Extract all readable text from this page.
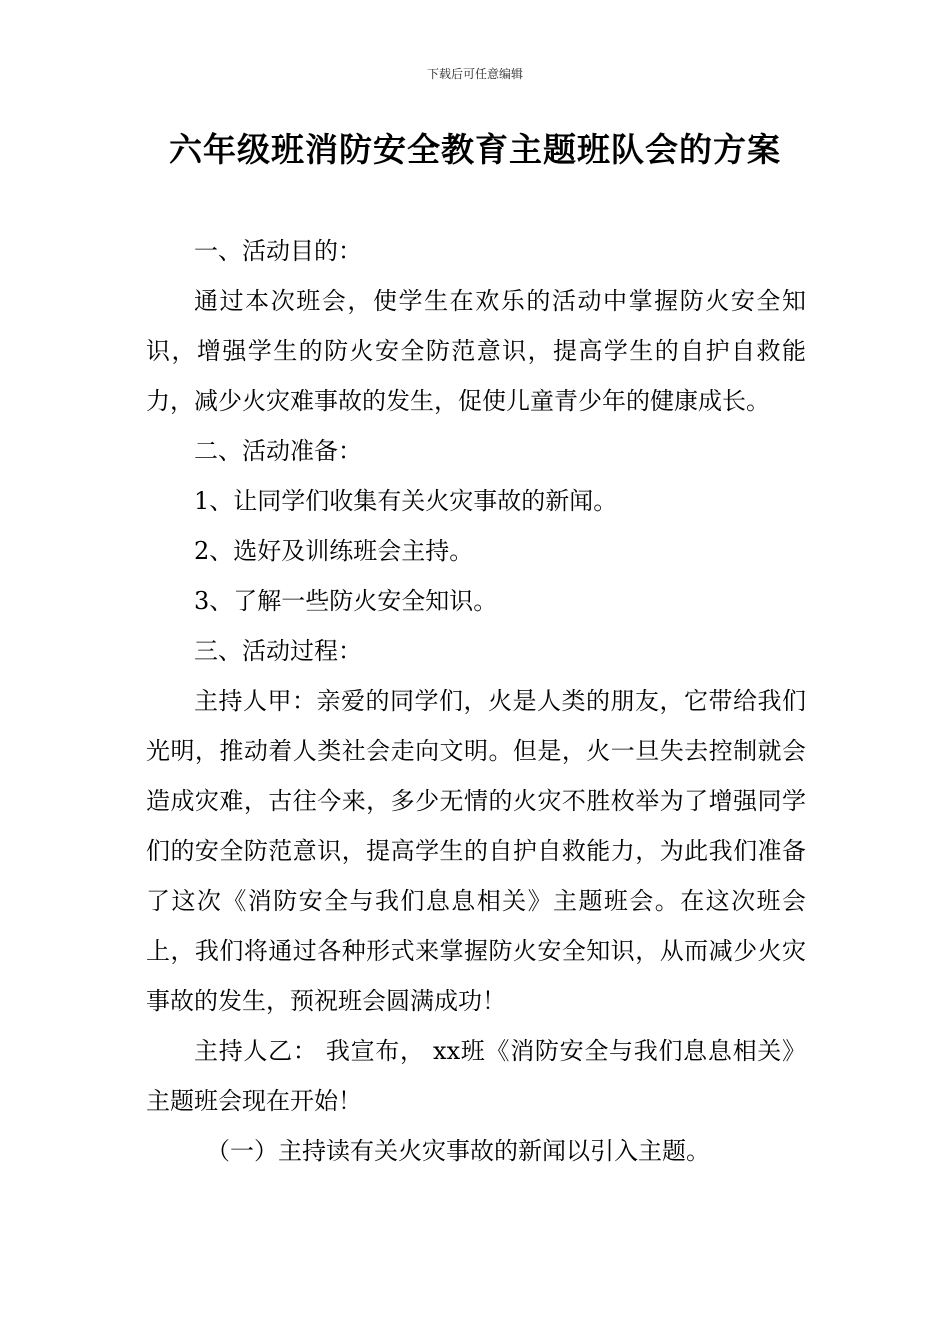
下载后可任意编辑
六年级班消防安全教育主题班队会的方案

一、活动目的：

通过本次班会，使学生在欢乐的活动中掌握防火安全知识，增强学生的防火安全防范意识，提高学生的自护自救能力，减少火灾难事故的发生，促使儿童青少年的健康成长。

二、活动准备：

1、让同学们收集有关火灾事故的新闻。

2、选好及训练班会主持。

3、了解一些防火安全知识。

三、活动过程：

主持人甲：亲爱的同学们，火是人类的朋友，它带给我们光明，推动着人类社会走向文明。但是，火一旦失去控制就会造成灾难，古往今来，多少无情的火灾不胜枚举为了增强同学们的安全防范意识，提高学生的自护自救能力，为此我们准备了这次《消防安全与我们息息相关》主题班会。在这次班会上，我们将通过各种形式来掌握防火安全知识，从而减少火灾事故的发生，预祝班会圆满成功！

主持人乙： 我宣布， xx班《消防安全与我们息息相关》主题班会现在开始！

（一）主持读有关火灾事故的新闻以引入主题。
